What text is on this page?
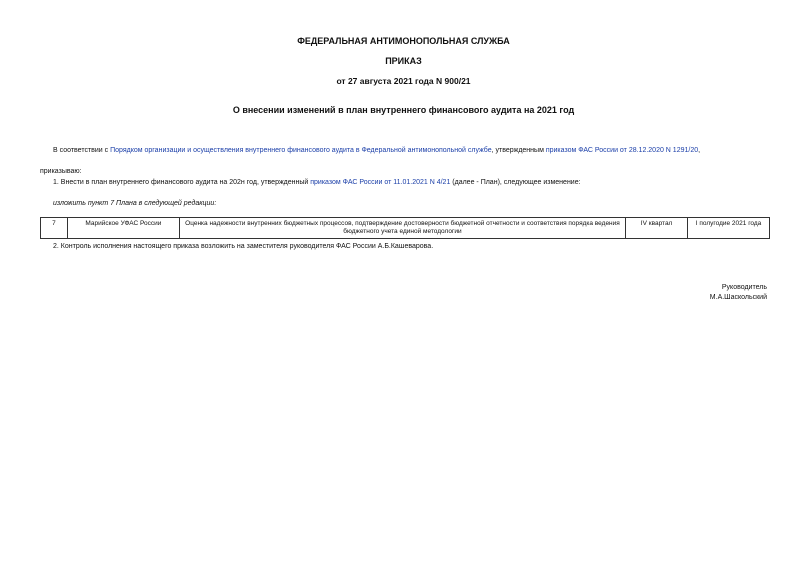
ФЕДЕРАЛЬНАЯ АНТИМОНОПОЛЬНАЯ СЛУЖБА
ПРИКАЗ
от 27 августа 2021 года N 900/21
О внесении изменений в план внутреннего финансового аудита на 2021 год
В соответствии с Порядком организации и осуществления внутреннего финансового аудита в Федеральной антимонопольной службе, утвержденным приказом ФАС России от 28.12.2020 N 1291/20,
приказываю:
1. Внести в план внутреннего финансового аудита на 202н год, утвержденный приказом ФАС России от 11.01.2021 N 4/21 (далее - План), следующее изменение:
изложить пункт 7 Плана в следующей редакции:
7	Марийское УФАС России	Оценка надежности внутренних бюджетных процессов, подтверждение достоверности бюджетной отчетности и соответствия порядка ведения бюджетного учета единой методологии	IV квартал	I полугодие 2021 года
2. Контроль исполнения настоящего приказа возложить на заместителя руководителя ФАС России А.Б.Кашеварова.
Руководитель
М.А.Шаскольский
